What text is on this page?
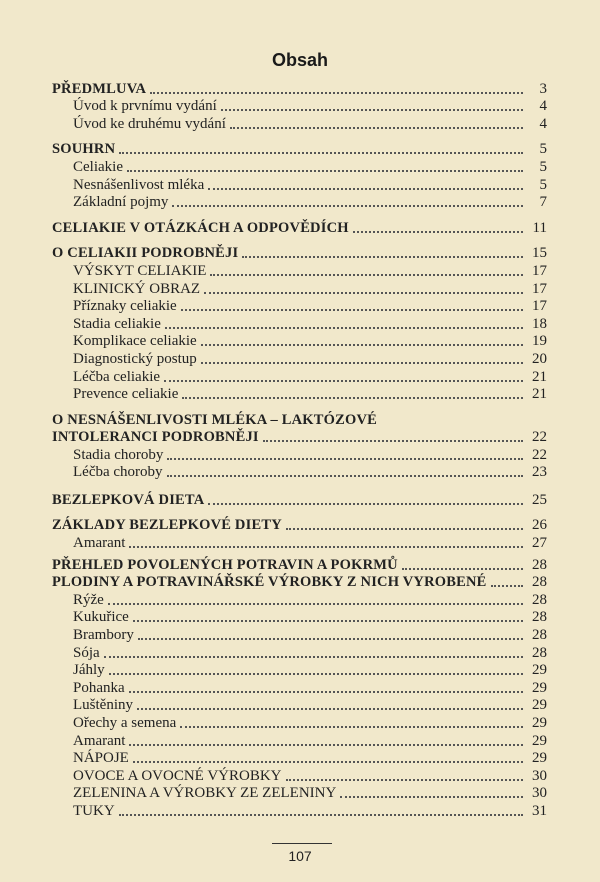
Obsah
PŘEDMLUVA	3
Úvod k prvnímu vydání	4
Úvod ke druhému vydání	4
SOUHRN	5
Celiakie	5
Nesnášenlivost mléka	5
Základní pojmy	7
CELIAKIE V OTÁZKÁCH A ODPOVĚDÍCH	11
O CELIAKII PODROBNĚJI	15
VÝSKYT CELIAKIE	17
KLINICKÝ OBRAZ	17
Příznaky celiakie	17
Stadia celiakie	18
Komplikace celiakie	19
Diagnostický postup	20
Léčba celiakie	21
Prevence celiakie	21
O NESNÁŠENLIVOSTI MLÉKA – LAKTÓZOVÉ
INTOLERANCI PODROBNĚJI	22
Stadia choroby	22
Léčba choroby	23
BEZLEPKOVÁ DIETA	25
ZÁKLADY BEZLEPKOVÉ DIETY	26
Amarant	27
PŘEHLED POVOLENÝCH POTRAVIN A POKRMŮ	28
PLODINY A POTRAVINÁŘSKÉ VÝROBKY Z NICH VYROBENÉ	28
Rýže	28
Kukuřice	28
Brambory	28
Sója	28
Jáhly	29
Pohanka	29
Luštěniny	29
Ořechy a semena	29
Amarant	29
NÁPOJE	29
OVOCE A OVOCNÉ VÝROBKY	30
ZELENINA A VÝROBKY ZE ZELENINY	30
TUKY	31
107
